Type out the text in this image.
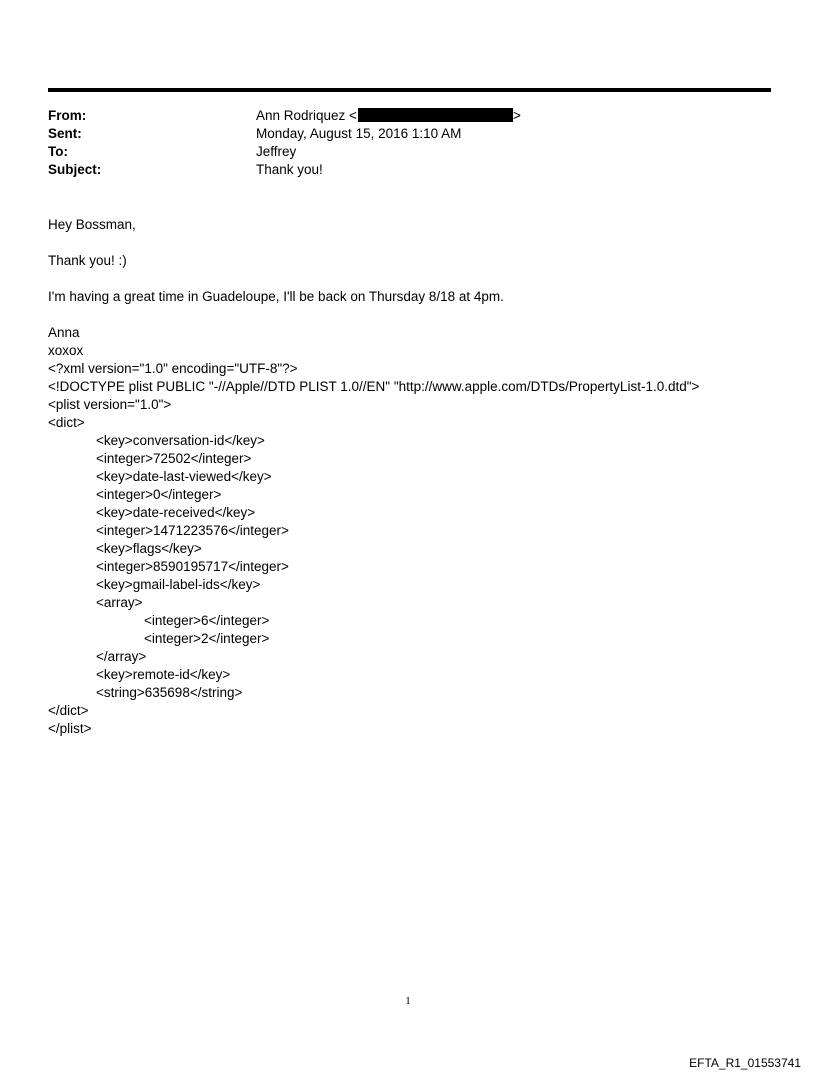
From:	Ann Rodriquez <	>
Sent:	Monday, August 15, 2016 1:10 AM
To:	Jeffrey
Subject:	Thank you!

Hey Bossman,

Thank you! :)

I'm having a great time in Guadeloupe, I'll be back on Thursday 8/18 at 4pm.

Anna

xoxox

<?xml version="1.0" encoding="UTF-8"?>

<!DOCTYPE plist PUBLIC "-//Apple//DTD PLIST 1.0//EN" "http://www.apple.com/DTDs/PropertyList-1.0.dtd">

<plist version="1.0">

<dict>

<key>conversation-id</key>

<integer>72502</integer>

<key>date-last-viewed</key>

<integer>0</integer>

<key>date-received</key>

<integer>1471223576</integer>

<key>flags</key>

<integer>8590195717</integer>

<key>gmail-label-ids</key>

<array>

<integer>6</integer>

<integer>2</integer>

</array>

<key>remote-id</key>

<string>635698</string>

</dict>

</plist>

1
EFTA_R1_01553741
